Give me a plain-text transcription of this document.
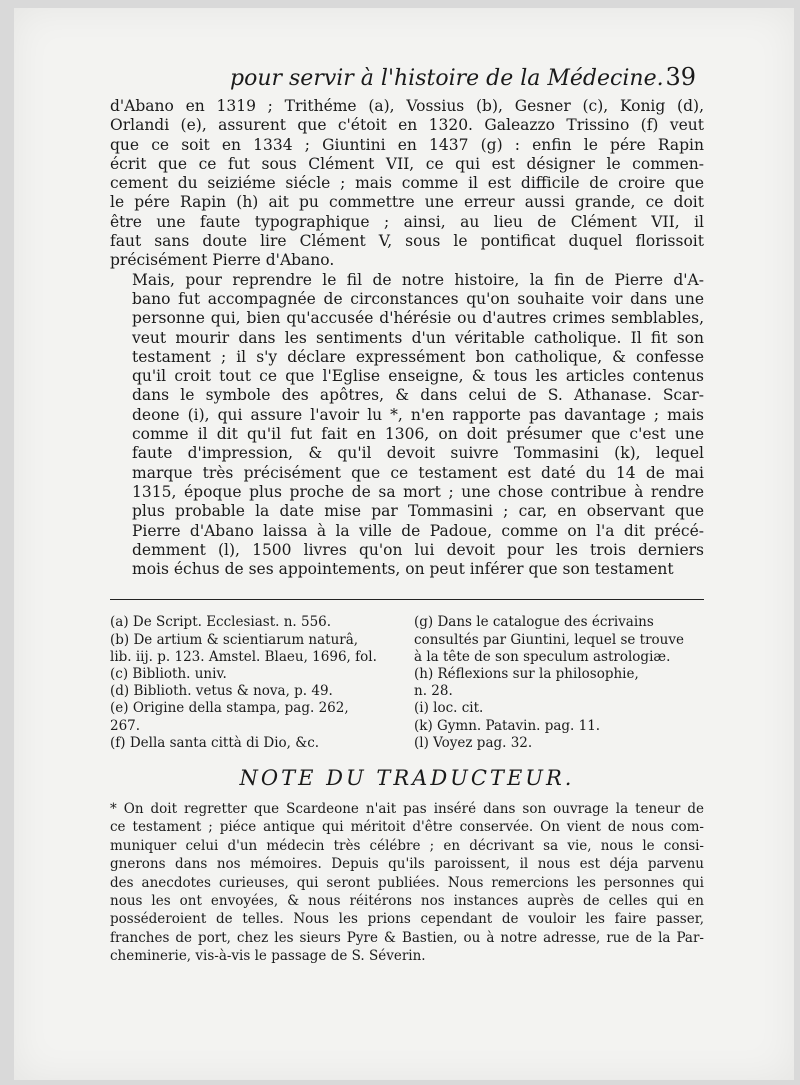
pour servir à l'histoire de la Médecine. 39

d'Abano en 1319 ; Trithéme (a), Vossius (b), Gesner (c), Konig (d),
Orlandi (e), assurent que c'étoit en 1320. Galeazzo Trissino (f) veut
que ce soit en 1334 ; Giuntini en 1437 (g) : enfin le pére Rapin
écrit que ce fut sous Clément VII, ce qui est désigner le commen-
cement du seiziéme siécle ; mais comme il est difficile de croire que
le pére Rapin (h) ait pu commettre une erreur aussi grande, ce doit
être une faute typographique ; ainsi, au lieu de Clément VII, il
faut sans doute lire Clément V, sous le pontificat duquel florissoit
précisément Pierre d'Abano.

Mais, pour reprendre le fil de notre histoire, la fin de Pierre d'A-
bano fut accompagnée de circonstances qu'on souhaite voir dans une
personne qui, bien qu'accusée d'hérésie ou d'autres crimes semblables,
veut mourir dans les sentiments d'un véritable catholique. Il fit son
testament ; il s'y déclare expressément bon catholique, & confesse
qu'il croit tout ce que l'Eglise enseigne, & tous les articles contenus
dans le symbole des apôtres, & dans celui de S. Athanase. Scar-
deone (i), qui assure l'avoir lu *, n'en rapporte pas davantage ; mais
comme il dit qu'il fut fait en 1306, on doit présumer que c'est une
faute d'impression, & qu'il devoit suivre Tommasini (k), lequel
marque très précisément que ce testament est daté du 14 de mai
1315, époque plus proche de sa mort ; une chose contribue à rendre
plus probable la date mise par Tommasini ; car, en observant que
Pierre d'Abano laissa à la ville de Padoue, comme on l'a dit précé-
demment (l), 1500 livres qu'on lui devoit pour les trois derniers
mois échus de ses appointements, on peut inférer que son testament

(a) De Script. Ecclesiast. n. 556.
(b) De artium & scientiarum naturâ,
lib. iij. p. 123. Amstel. Blaeu, 1696, fol.
(c) Biblioth. univ.
(d) Biblioth. vetus & nova, p. 49.
(e) Origine della stampa, pag. 262,
267.
(f) Della santa città di Dio, &c.
(g) Dans le catalogue des écrivains
consultés par Giuntini, lequel se trouve
à la tête de son speculum astrologiæ.
(h) Réflexions sur la philosophie,
n. 28.
(i) loc. cit.
(k) Gymn. Patavin. pag. 11.
(l) Voyez pag. 32.
NOTE DU TRADUCTEUR.

* On doit regretter que Scardeone n'ait pas inséré dans son ouvrage la teneur de
ce testament ; piéce antique qui méritoit d'être conservée. On vient de nous com-
muniquer celui d'un médecin très célébre ; en décrivant sa vie, nous le consi-
gnerons dans nos mémoires. Depuis qu'ils paroissent, il nous est déja parvenu
des anecdotes curieuses, qui seront publiées. Nous remercions les personnes qui
nous les ont envoyées, & nous réitérons nos instances auprès de celles qui en
posséderoient de telles. Nous les prions cependant de vouloir les faire passer,
franches de port, chez les sieurs Pyre & Bastien, ou à notre adresse, rue de la Par-
cheminerie, vis-à-vis le passage de S. Séverin.
